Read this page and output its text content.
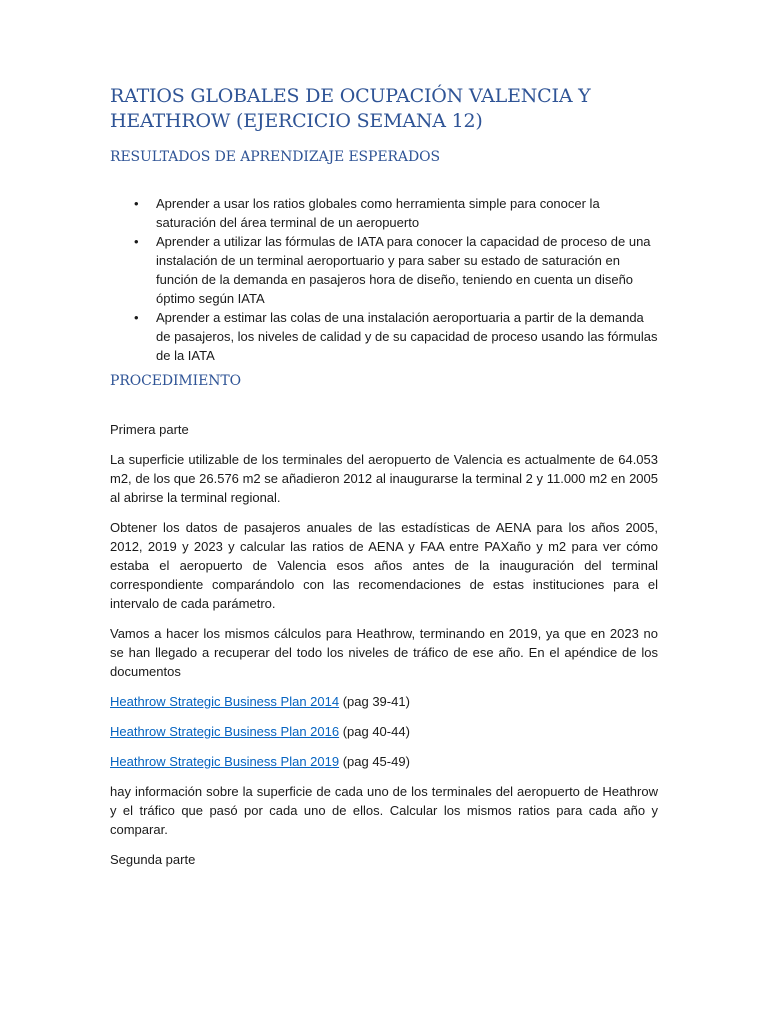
RATIOS GLOBALES DE OCUPACIÓN VALENCIA Y HEATHROW (EJERCICIO SEMANA 12)
RESULTADOS DE APRENDIZAJE ESPERADOS
• Aprender a usar los ratios globales como herramienta simple para conocer la saturación del área terminal de un aeropuerto
• Aprender a utilizar las fórmulas de IATA para conocer la capacidad de proceso de una instalación de un terminal aeroportuario y para saber su estado de saturación en función de la demanda en pasajeros hora de diseño, teniendo en cuenta un diseño óptimo según IATA
• Aprender a estimar las colas de una instalación aeroportuaria a partir de la demanda de pasajeros, los niveles de calidad y de su capacidad de proceso usando las fórmulas de la IATA
PROCEDIMIENTO

Primera parte

La superficie utilizable de los terminales del aeropuerto de Valencia es actualmente de 64.053 m2, de los que 26.576 m2 se añadieron 2012 al inaugurarse la terminal 2 y 11.000 m2 en 2005 al abrirse la terminal regional.

Obtener los datos de pasajeros anuales de las estadísticas de AENA para los años 2005, 2012, 2019 y 2023 y calcular las ratios de AENA y FAA entre PAXaño y m2 para ver cómo estaba el aeropuerto de Valencia esos años antes de la inauguración del terminal correspondiente comparándolo con las recomendaciones de estas instituciones para el intervalo de cada parámetro.

Vamos a hacer los mismos cálculos para Heathrow, terminando en 2019, ya que en 2023 no se han llegado a recuperar del todo los niveles de tráfico de ese año. En el apéndice de los documentos

Heathrow Strategic Business Plan 2014 (pag 39-41)

Heathrow Strategic Business Plan 2016 (pag 40-44)

Heathrow Strategic Business Plan 2019 (pag 45-49)

hay información sobre la superficie de cada uno de los terminales del aeropuerto de Heathrow y el tráfico que pasó por cada uno de ellos. Calcular los mismos ratios para cada año y comparar.

Segunda parte
